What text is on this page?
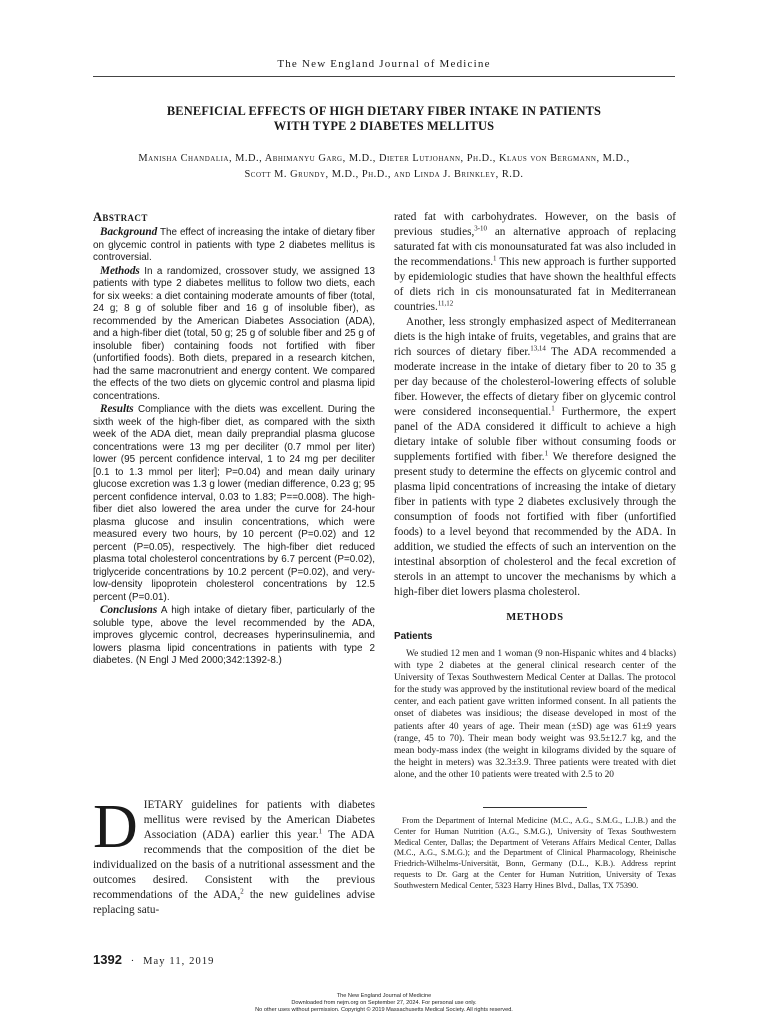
The New England Journal of Medicine
BENEFICIAL EFFECTS OF HIGH DIETARY FIBER INTAKE IN PATIENTS
WITH TYPE 2 DIABETES MELLITUS
Manisha Chandalia, M.D., Abhimanyu Garg, M.D., Dieter Lutjohann, Ph.D., Klaus von Bergmann, M.D.,
Scott M. Grundy, M.D., Ph.D., and Linda J. Brinkley, R.D.
Abstract

Background The effect of increasing the intake of dietary fiber on glycemic control in patients with type 2 diabetes mellitus is controversial.

Methods In a randomized, crossover study, we assigned 13 patients with type 2 diabetes mellitus to follow two diets, each for six weeks: a diet containing moderate amounts of fiber (total, 24 g; 8 g of soluble fiber and 16 g of insoluble fiber), as recommended by the American Diabetes Association (ADA), and a high-fiber diet (total, 50 g; 25 g of soluble fiber and 25 g of insoluble fiber) containing foods not fortified with fiber (unfortified foods). Both diets, prepared in a research kitchen, had the same macronutrient and energy content. We compared the effects of the two diets on glycemic control and plasma lipid concentrations.

Results Compliance with the diets was excellent. During the sixth week of the high-fiber diet, as compared with the sixth week of the ADA diet, mean daily preprandial plasma glucose concentrations were 13 mg per deciliter (0.7 mmol per liter) lower (95 percent confidence interval, 1 to 24 mg per deciliter [0.1 to 1.3 mmol per liter]; P=0.04) and mean daily urinary glucose excretion was 1.3 g lower (median difference, 0.23 g; 95 percent confidence interval, 0.03 to 1.83; P==0.008). The high-fiber diet also lowered the area under the curve for 24-hour plasma glucose and insulin concentrations, which were measured every two hours, by 10 percent (P=0.02) and 12 percent (P=0.05), respectively. The high-fiber diet reduced plasma total cholesterol concentrations by 6.7 percent (P=0.02), triglyceride concentrations by 10.2 percent (P=0.02), and very-low-density lipoprotein cholesterol concentrations by 12.5 percent (P=0.01).

Conclusions A high intake of dietary fiber, particularly of the soluble type, above the level recommended by the ADA, improves glycemic control, decreases hyperinsulinemia, and lowers plasma lipid concentrations in patients with type 2 diabetes. (N Engl J Med 2000;342:1392-8.)

DIETARY guidelines for patients with diabetes mellitus were revised by the American Diabetes Association (ADA) earlier this year.$^1$ The ADA recommends that the composition of the diet be individualized on the basis of a nutritional assessment and the outcomes desired. Consistent with the previous recommendations of the ADA,$^2$ the new guidelines advise replacing satu-

rated fat with carbohydrates. However, on the basis of previous studies,$^{3-10}$ an alternative approach of replacing saturated fat with cis monounsaturated fat was also included in the recommendations.$^1$ This new approach is further supported by epidemiologic studies that have shown the healthful effects of diets rich in cis monounsaturated fat in Mediterranean countries.$^{11,12}$

Another, less strongly emphasized aspect of Mediterranean diets is the high intake of fruits, vegetables, and grains that are rich sources of dietary fiber.$^{13,14}$ The ADA recommended a moderate increase in the intake of dietary fiber to 20 to 35 g per day because of the cholesterol-lowering effects of soluble fiber. However, the effects of dietary fiber on glycemic control were considered inconsequential.$^1$ Furthermore, the expert panel of the ADA considered it difficult to achieve a high dietary intake of soluble fiber without consuming foods or supplements fortified with fiber.$^1$ We therefore designed the present study to determine the effects on glycemic control and plasma lipid concentrations of increasing the intake of dietary fiber in patients with type 2 diabetes exclusively through the consumption of foods not fortified with fiber (unfortified foods) to a level beyond that recommended by the ADA. In addition, we studied the effects of such an intervention on the intestinal absorption of cholesterol and the fecal excretion of sterols in an attempt to uncover the mechanisms by which a high-fiber diet lowers plasma cholesterol.

METHODS
Patients

We studied 12 men and 1 woman (9 non-Hispanic whites and 4 blacks) with type 2 diabetes at the general clinical research center of the University of Texas Southwestern Medical Center at Dallas. The protocol for the study was approved by the institutional review board of the medical center, and each patient gave written informed consent. In all patients the onset of diabetes was insidious; the disease developed in most of the patients after 40 years of age. Their mean (±SD) age was 61±9 years (range, 45 to 70). Their mean body weight was 93.5±12.7 kg, and the mean body-mass index (the weight in kilograms divided by the square of the height in meters) was 32.3±3.9. Three patients were treated with diet alone, and the other 10 patients were treated with 2.5 to 20

From the Department of Internal Medicine (M.C., A.G., S.M.G., L.J.B.) and the Center for Human Nutrition (A.G., S.M.G.), University of Texas Southwestern Medical Center, Dallas; the Department of Veterans Affairs Medical Center, Dallas (M.C., A.G., S.M.G.); and the Department of Clinical Pharmacology, Rheinische Friedrich-Wilhelms-Universität, Bonn, Germany (D.L., K.B.). Address reprint requests to Dr. Garg at the Center for Human Nutrition, University of Texas Southwestern Medical Center, 5323 Harry Hines Blvd., Dallas, TX 75390.

1392 · May 11, 2019
The New England Journal of Medicine
Downloaded from nejm.org on September 27, 2024. For personal use only.
No other uses without permission. Copyright © 2019 Massachusetts Medical Society. All rights reserved.
